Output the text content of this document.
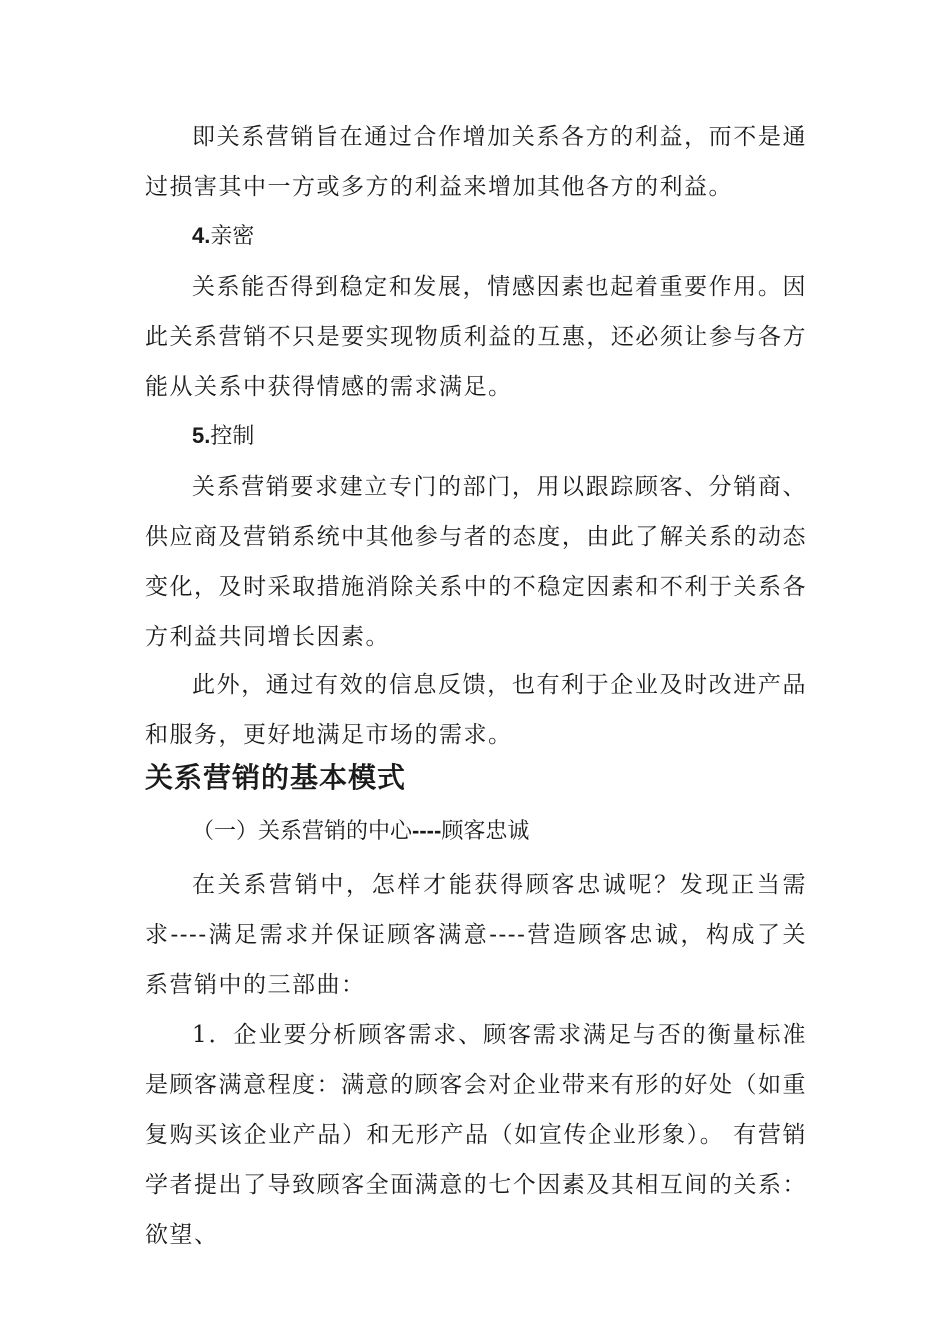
即关系营销旨在通过合作增加关系各方的利益，而不是通过损害其中一方或多方的利益来增加其他各方的利益。

4.亲密

关系能否得到稳定和发展，情感因素也起着重要作用。因此关系营销不只是要实现物质利益的互惠，还必须让参与各方能从关系中获得情感的需求满足。

5.控制

关系营销要求建立专门的部门，用以跟踪顾客、分销商、供应商及营销系统中其他参与者的态度，由此了解关系的动态变化，及时采取措施消除关系中的不稳定因素和不利于关系各方利益共同增长因素。

此外，通过有效的信息反馈，也有利于企业及时改进产品和服务，更好地满足市场的需求。

关系营销的基本模式

（一）关系营销的中心----顾客忠诚

在关系营销中，怎样才能获得顾客忠诚呢？发现正当需求----满足需求并保证顾客满意----营造顾客忠诚，构成了关系营销中的三部曲：

1．企业要分析顾客需求、顾客需求满足与否的衡量标准是顾客满意程度：满意的顾客会对企业带来有形的好处（如重复购买该企业产品）和无形产品（如宣传企业形象）。 有营销学者提出了导致顾客全面满意的七个因素及其相互间的关系：欲望、
